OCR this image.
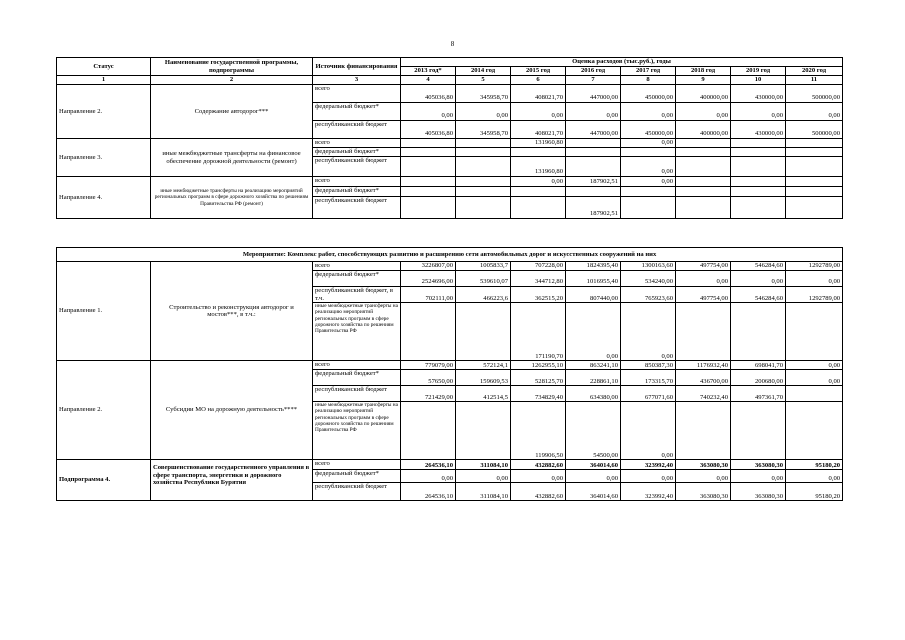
8
Статус	Наименование государственной программы, подпрограммы	Источник финансирования	Оценка расходов (тыс.руб.), годы							
			2013 год*	2014 год	2015 год	2016 год	2017 год	2018 год	2019 год	2020 год
1	2	3	4	5	6	7	8	9	10	11
Направление 2.	Содержание автодорог***	всего	405036,80	345958,70	408021,70	447000,00	450000,00	400000,00	430000,00	500000,00
		федеральный бюджет*	0,00	0,00	0,00	0,00	0,00	0,00	0,00	0,00
		республиканский бюджет	405036,80	345958,70	408021,70	447000,00	450000,00	400000,00	430000,00	500000,00
Направление 3.	иные межбюджетные трансферты на финансовое обеспечение дорожной деятельности (ремонт)	всего			131960,80		0,00			
		федеральный бюджет*								
		республиканский бюджет			131960,80		0,00			
Направление 4.	иные межбюджетные трансферты на реализацию мероприятий региональных программ в сфере дорожного хозяйства по решениям Правительства РФ (ремонт)	всего			0,00	187902,51	0,00			
		федеральный бюджет*								
		республиканский бюджет				187902,51				
Мероприятие: Комплекс работ, способствующих развитию и расширению сети автомобильных дорог и искусственных сооружений на них										
Направление 1.	Строительство и реконструкция автодорог и мостов***, в т.ч.:	всего	3226807,00	1005833,7	707228,00	1824395,40	1300163,60	497754,00	546284,60	1292789,00
		федеральный бюджет*	2524696,00	539610,07	344712,80	1016955,40	534240,00	0,00	0,00	0,00
		республиканский бюджет, в т.ч.	702111,00	466223,6	362515,20	807440,00	765923,60	497754,00	546284,60	1292789,00
		иные межбюджетные трансферты на реализацию мероприятий региональных программ в сфере дорожного хозяйства по решениям Правительства РФ			171190,70	0,00	0,00			
Направление 2.	Субсидии МО на дорожную деятельность****	всего	779079,00	572124,1	1262955,10	863241,10	850387,30	1176932,40	698041,70	0,00
		федеральный бюджет*	57650,00	159609,53	528125,70	228861,10	173315,70	436700,00	200680,00	0,00
		республиканский бюджет	721429,00	412514,5	734829,40	634380,00	677071,60	740232,40	497361,70	
		иные межбюджетные трансферты на реализацию мероприятий региональных программ в сфере дорожного хозяйства по решениям Правительства РФ			119906,50	54500,00	0,00			
Подпрограмма 4.	Совершенствование государственного управления в сфере транспорта, энергетики и дорожного хозяйства Республики Бурятия	всего	264536,10	311084,10	432882,60	364014,60	323992,40	363080,30	363080,30	95180,20
		федеральный бюджет*	0,00	0,00	0,00	0,00	0,00	0,00	0,00	0,00
		республиканский бюджет	264536,10	311084,10	432882,60	364014,60	323992,40	363080,30	363080,30	95180,20
